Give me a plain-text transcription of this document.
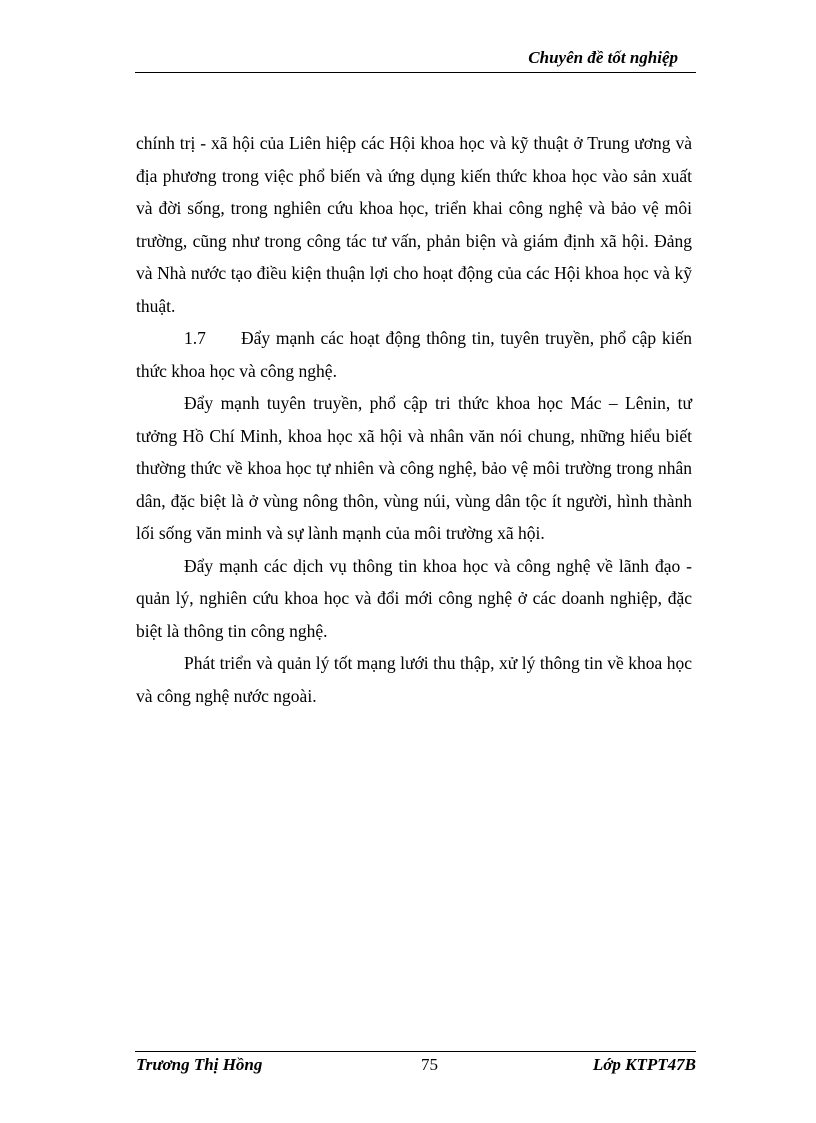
Chuyên đề tốt nghiệp

chính trị - xã hội của Liên hiệp các Hội khoa học và kỹ thuật ở Trung ương và địa phương trong việc phổ biến và ứng dụng kiến thức khoa học vào sản xuất và đời sống, trong nghiên cứu khoa học, triển khai công nghệ và bảo vệ môi trường, cũng như trong công tác tư vấn, phản biện và giám định xã hội. Đảng và Nhà nước tạo điều kiện thuận lợi cho hoạt động của các Hội khoa học và kỹ thuật.

1.7 Đẩy mạnh các hoạt động thông tin, tuyên truyền, phổ cập kiến thức khoa học và công nghệ.

Đẩy mạnh tuyên truyền, phổ cập tri thức khoa học Mác – Lênin, tư tưởng Hồ Chí Minh, khoa học xã hội và nhân văn nói chung, những hiểu biết thường thức về khoa học tự nhiên và công nghệ, bảo vệ môi trường trong nhân dân, đặc biệt là ở vùng nông thôn, vùng núi, vùng dân tộc ít người, hình thành lối sống văn minh và sự lành mạnh của môi trường xã hội.

Đẩy mạnh các dịch vụ thông tin khoa học và công nghệ về lãnh đạo - quản lý, nghiên cứu khoa học và đổi mới công nghệ ở các doanh nghiệp, đặc biệt là thông tin công nghệ.

Phát triển và quản lý tốt mạng lưới thu thập, xử lý thông tin về khoa học và công nghệ nước ngoài.

Trương Thị Hồng	75	Lớp KTPT47B
